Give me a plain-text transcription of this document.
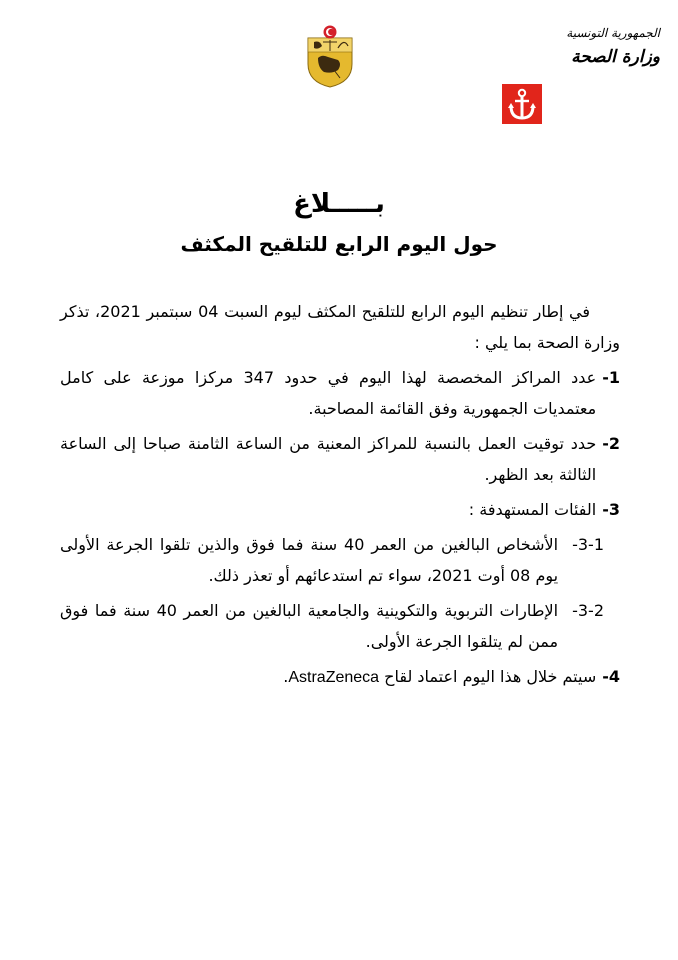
الجمهورية التونسية
وزارة الصحة
بـــــلاغ
حول اليوم الرابع للتلقيح المكثف

في إطار تنظيم اليوم الرابع للتلقيح المكثف ليوم السبت 04 سبتمبر 2021، تذكر وزارة الصحة بما يلي :

1-
عدد المراكز المخصصة لهذا اليوم في حدود 347 مركزا موزعة على كامل معتمديات الجمهورية وفق القائمة المصاحبة.

2-
حدد توقيت العمل بالنسبة للمراكز المعنية من الساعة الثامنة صباحا إلى الساعة الثالثة بعد الظهر.

3-
الفئات المستهدفة :

3-1-
الأشخاص البالغين من العمر 40 سنة فما فوق والذين تلقوا الجرعة الأولى يوم 08 أوت 2021، سواء تم استدعائهم أو تعذر ذلك.

3-2-
الإطارات التربوية والتكوينية والجامعية البالغين من العمر 40 سنة فما فوق ممن لم يتلقوا الجرعة الأولى.

4-
سيتم خلال هذا اليوم اعتماد لقاح AstraZeneca.
